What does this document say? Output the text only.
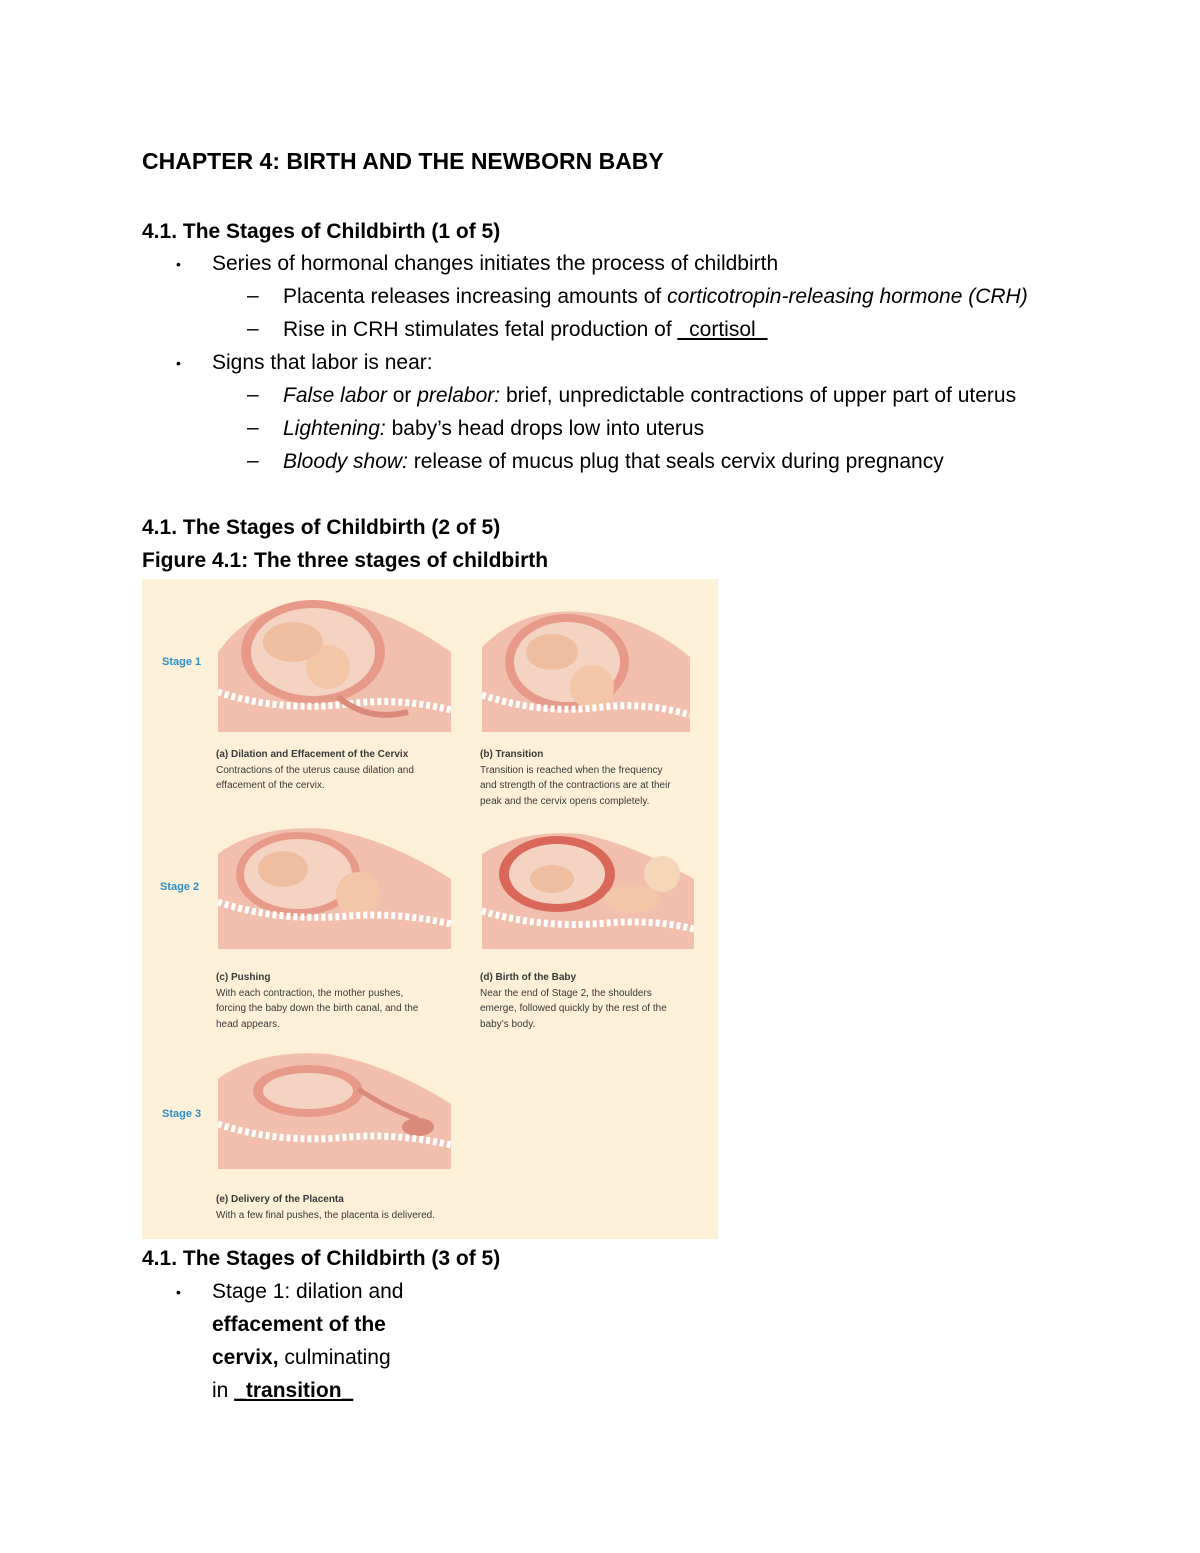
CHAPTER 4: BIRTH AND THE NEWBORN BABY
4.1. The Stages of Childbirth (1 of 5)
• Series of hormonal changes initiates the process of childbirth
– Placenta releases increasing amounts of corticotropin-releasing hormone (CRH)
– Rise in CRH stimulates fetal production of _cortisol_
• Signs that labor is near:
– False labor or prelabor: brief, unpredictable contractions of upper part of uterus
– Lightening: baby’s head drops low into uterus
– Bloody show: release of mucus plug that seals cervix during pregnancy
4.1. The Stages of Childbirth (2 of 5)
Figure 4.1: The three stages of childbirth
Stage 1
Stage 2
Stage 3
(a) Dilation and Effacement of the Cervix
Contractions of the uterus cause dilation and
effacement of the cervix.
(b) Transition
Transition is reached when the frequency
and strength of the contractions are at their
peak and the cervix opens completely.
(c) Pushing
With each contraction, the mother pushes,
forcing the baby down the birth canal, and the
head appears.
(d) Birth of the Baby
Near the end of Stage 2, the shoulders
emerge, followed quickly by the rest of the
baby’s body.
(e) Delivery of the Placenta
With a few final pushes, the placenta is delivered.
4.1. The Stages of Childbirth (3 of 5)
• Stage 1: dilation and
effacement of the
cervix, culminating
in _transition_
